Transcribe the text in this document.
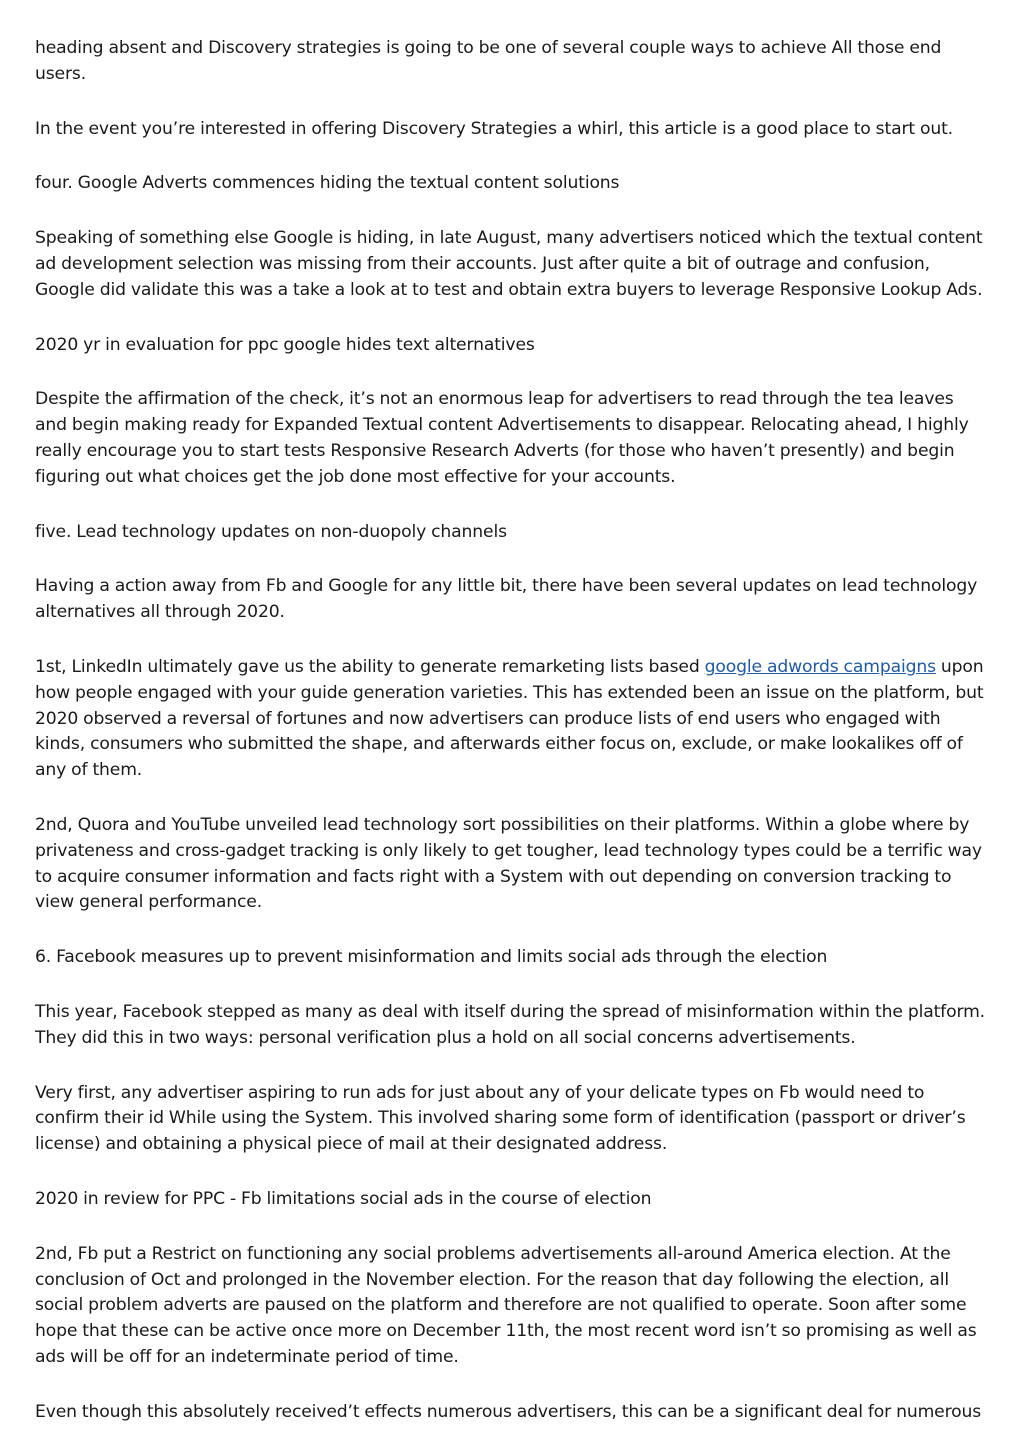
heading absent and Discovery strategies is going to be one of several couple ways to achieve All those end users.

In the event you’re interested in offering Discovery Strategies a whirl, this article is a good place to start out.

four. Google Adverts commences hiding the textual content solutions

Speaking of something else Google is hiding, in late August, many advertisers noticed which the textual content ad development selection was missing from their accounts. Just after quite a bit of outrage and confusion, Google did validate this was a take a look at to test and obtain extra buyers to leverage Responsive Lookup Ads.

2020 yr in evaluation for ppc google hides text alternatives

Despite the affirmation of the check, it’s not an enormous leap for advertisers to read through the tea leaves and begin making ready for Expanded Textual content Advertisements to disappear. Relocating ahead, I highly really encourage you to start tests Responsive Research Adverts (for those who haven’t presently) and begin figuring out what choices get the job done most effective for your accounts.

five. Lead technology updates on non-duopoly channels

Having a action away from Fb and Google for any little bit, there have been several updates on lead technology alternatives all through 2020.

1st, LinkedIn ultimately gave us the ability to generate remarketing lists based google adwords campaigns upon how people engaged with your guide generation varieties. This has extended been an issue on the platform, but 2020 observed a reversal of fortunes and now advertisers can produce lists of end users who engaged with kinds, consumers who submitted the shape, and afterwards either focus on, exclude, or make lookalikes off of any of them.

2nd, Quora and YouTube unveiled lead technology sort possibilities on their platforms. Within a globe where by privateness and cross-gadget tracking is only likely to get tougher, lead technology types could be a terrific way to acquire consumer information and facts right with a System with out depending on conversion tracking to view general performance.

6. Facebook measures up to prevent misinformation and limits social ads through the election

This year, Facebook stepped as many as deal with itself during the spread of misinformation within the platform. They did this in two ways: personal verification plus a hold on all social concerns advertisements.

Very first, any advertiser aspiring to run ads for just about any of your delicate types on Fb would need to confirm their id While using the System. This involved sharing some form of identification (passport or driver’s license) and obtaining a physical piece of mail at their designated address.

2020 in review for PPC - Fb limitations social ads in the course of election

2nd, Fb put a Restrict on functioning any social problems advertisements all-around America election. At the conclusion of Oct and prolonged in the November election. For the reason that day following the election, all social problem adverts are paused on the platform and therefore are not qualified to operate. Soon after some hope that these can be active once more on December 11th, the most recent word isn’t so promising as well as ads will be off for an indeterminate period of time.

Even though this absolutely received’t effects numerous advertisers, this can be a significant deal for numerous
